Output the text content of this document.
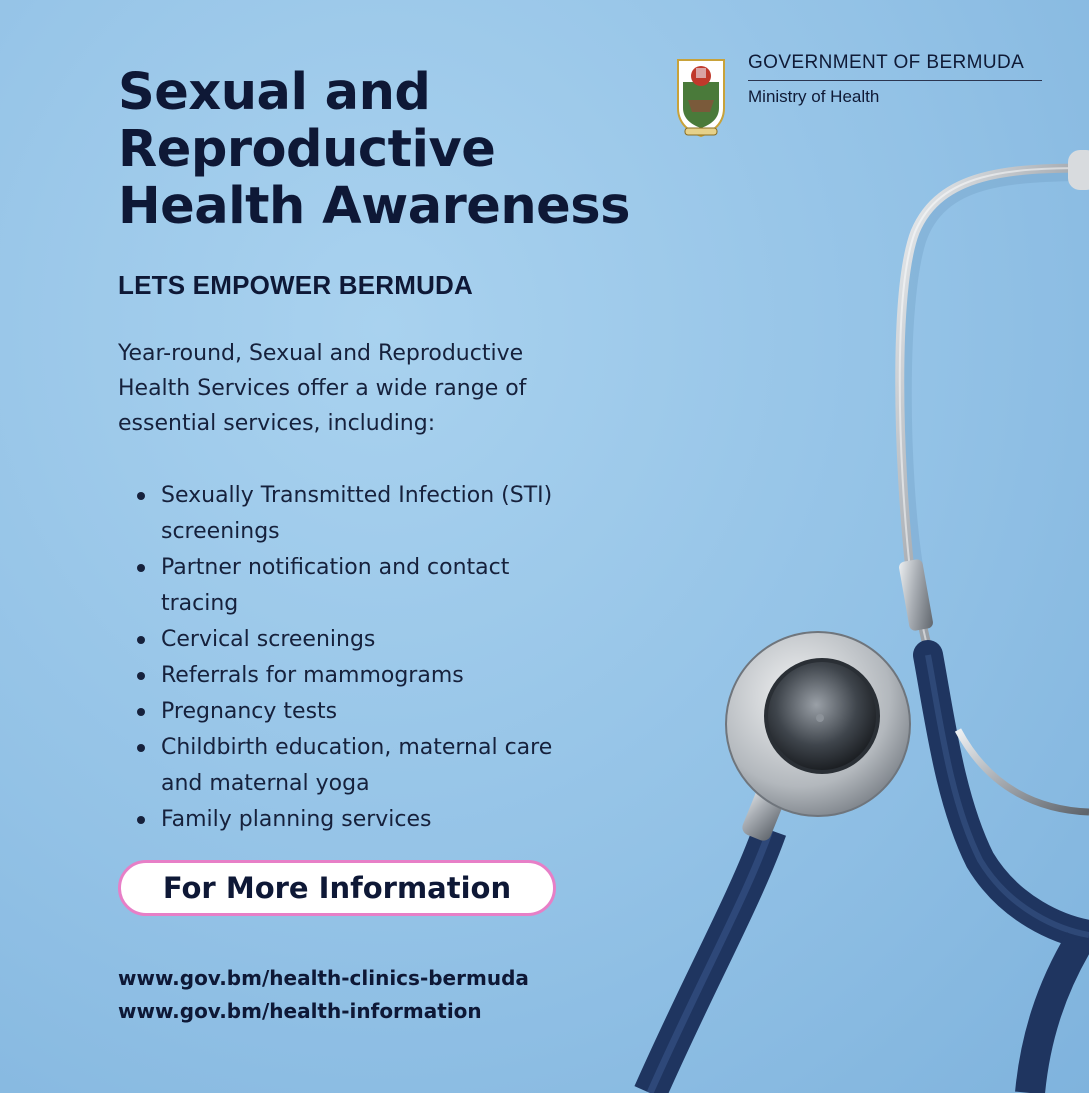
GOVERNMENT OF BERMUDA
Ministry of Health
Sexual and
Reproductive
Health Awareness
LETS EMPOWER BERMUDA

Year-round, Sexual and Reproductive
Health Services offer a wide range of
essential services, including:

Sexually Transmitted Infection (STI)
screenings
Partner notification and contact
tracing
Cervical screenings
Referrals for mammograms
Pregnancy tests
Childbirth education, maternal care
and maternal yoga
Family planning services
For More Information
www.gov.bm/health-clinics-bermuda
www.gov.bm/health-information
